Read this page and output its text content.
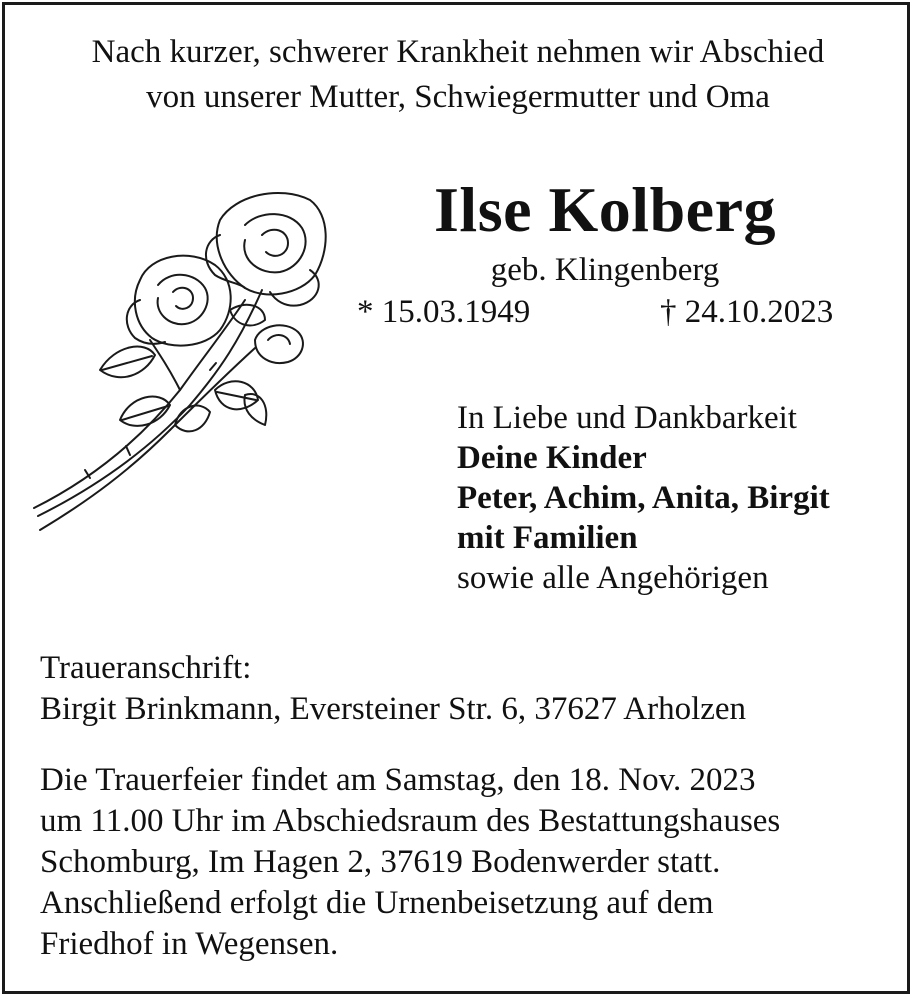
Nach kurzer, schwerer Krankheit nehmen wir Abschied
von unserer Mutter, Schwiegermutter und Oma
Ilse Kolberg
geb. Klingenberg
* 15.03.1949	† 24.10.2023
In Liebe und Dankbarkeit
Deine Kinder
Peter, Achim, Anita, Birgit
mit Familien
sowie alle Angehörigen
Traueranschrift:
Birgit Brinkmann, Eversteiner Str. 6, 37627 Arholzen
Die Trauerfeier findet am Samstag, den 18. Nov. 2023
um 11.00 Uhr im Abschiedsraum des Bestattungshauses
Schomburg, Im Hagen 2, 37619 Bodenwerder statt.
Anschließend erfolgt die Urnenbeisetzung auf dem
Friedhof in Wegensen.
